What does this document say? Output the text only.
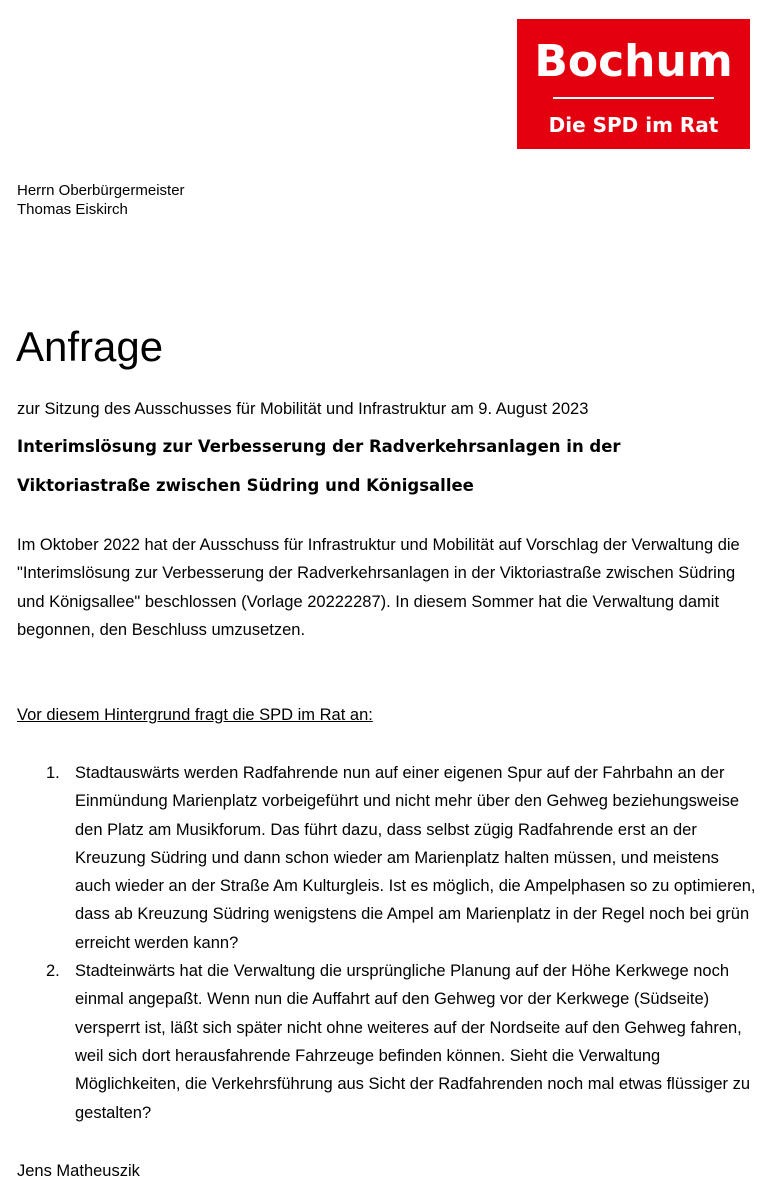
Bochum
Die SPD im Rat
Herrn Oberbürgermeister
Thomas Eiskirch
Anfrage
zur Sitzung des Ausschusses für Mobilität und Infrastruktur am 9. August 2023

Interimslösung zur Verbesserung der Radverkehrsanlagen in der Viktoriastraße zwischen Südring und Königsallee

Im Oktober 2022 hat der Ausschuss für Infrastruktur und Mobilität auf Vorschlag der Verwaltung die "Interimslösung zur Verbesserung der Radverkehrsanlagen in der Viktoriastraße zwischen Südring und Königsallee" beschlossen (Vorlage 20222287). In diesem Sommer hat die Verwaltung damit begonnen, den Beschluss umzusetzen.

Vor diesem Hintergrund fragt die SPD im Rat an:
1. Stadtauswärts werden Radfahrende nun auf einer eigenen Spur auf der Fahrbahn an der Einmündung Marienplatz vorbeigeführt und nicht mehr über den Gehweg beziehungsweise den Platz am Musikforum. Das führt dazu, dass selbst zügig Radfahrende erst an der Kreuzung Südring und dann schon wieder am Marienplatz halten müssen, und meistens auch wieder an der Straße Am Kulturgleis. Ist es möglich, die Ampelphasen so zu optimieren, dass ab Kreuzung Südring wenigstens die Ampel am Marienplatz in der Regel noch bei grün erreicht werden kann?
2. Stadteinwärts hat die Verwaltung die ursprüngliche Planung auf der Höhe Kerkwege noch einmal angepaßt. Wenn nun die Auffahrt auf den Gehweg vor der Kerkwege (Südseite) versperrt ist, läßt sich später nicht ohne weiteres auf der Nordseite auf den Gehweg fahren, weil sich dort herausfahrende Fahrzeuge befinden können. Sieht die Verwaltung Möglichkeiten, die Verkehrsführung aus Sicht der Radfahrenden noch mal etwas flüssiger zu gestalten?
Jens Matheuszik
